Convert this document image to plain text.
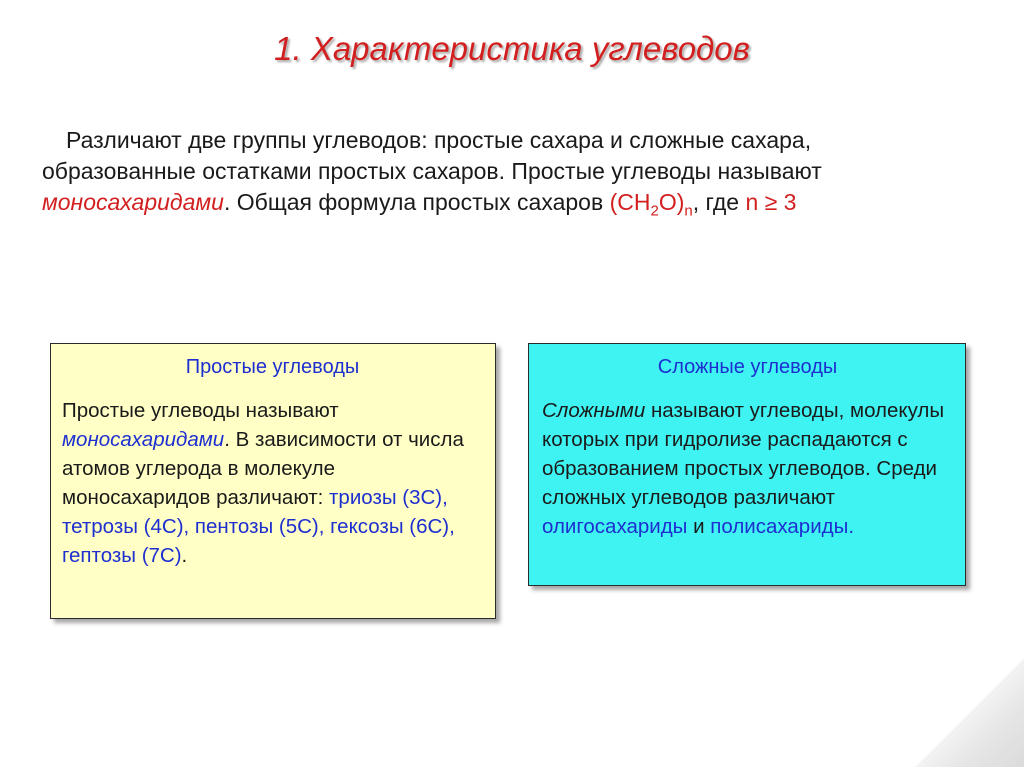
1. Характеристика углеводов

Различают две группы углеводов: простые сахара и сложные сахара,
образованные остатками простых сахаров. Простые углеводы называют
моносахаридами. Общая формула простых сахаров $(CH_2O)_n$, где n ≥ 3

Простые углеводы
Простые углеводы называют моносахаридами. В зависимости от числа атомов углерода в молекуле моносахаридов различают: триозы (3С), тетрозы (4С), пентозы (5С), гексозы (6С), гептозы (7С).
Сложные углеводы
Сложными называют углеводы, молекулы которых при гидролизе распадаются с образованием простых углеводов. Среди сложных углеводов различают олигосахариды и полисахариды.
